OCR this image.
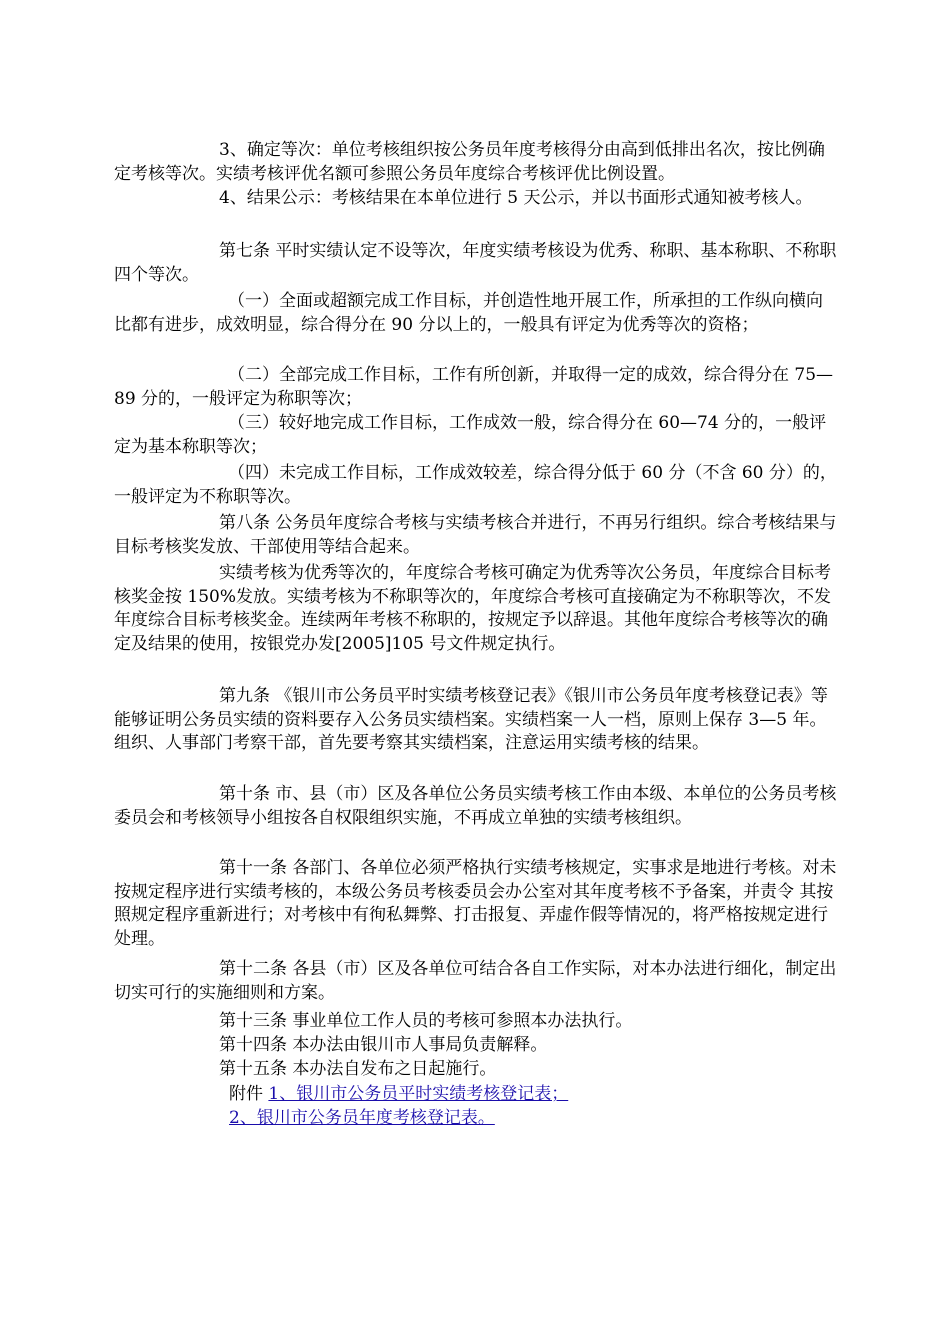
3、确定等次：单位考核组织按公务员年度考核得分由高到低排出名次，按比例确定考核等次。实绩考核评优名额可参照公务员年度综合考核评优比例设置。

4、结果公示：考核结果在本单位进行 5 天公示，并以书面形式通知被考核人。

第七条 平时实绩认定不设等次，年度实绩考核设为优秀、称职、基本称职、不称职四个等次。

（一）全面或超额完成工作目标，并创造性地开展工作，所承担的工作纵向横向比都有进步，成效明显，综合得分在 90 分以上的，一般具有评定为优秀等次的资格；

（二）全部完成工作目标，工作有所创新，并取得一定的成效，综合得分在 75—89 分的，一般评定为称职等次；

（三）较好地完成工作目标，工作成效一般，综合得分在 60—74 分的，一般评定为基本称职等次；

（四）未完成工作目标，工作成效较差，综合得分低于 60 分（不含 60 分）的，一般评定为不称职等次。

第八条 公务员年度综合考核与实绩考核合并进行，不再另行组织。综合考核结果与目标考核奖发放、干部使用等结合起来。

实绩考核为优秀等次的，年度综合考核可确定为优秀等次公务员，年度综合目标考核奖金按 150%发放。实绩考核为不称职等次的，年度综合考核可直接确定为不称职等次，不发年度综合目标考核奖金。连续两年考核不称职的，按规定予以辞退。其他年度综合考核等次的确定及结果的使用，按银党办发[2005]105 号文件规定执行。

第九条 《银川市公务员平时实绩考核登记表》《银川市公务员年度考核登记表》等能够证明公务员实绩的资料要存入公务员实绩档案。实绩档案一人一档，原则上保存 3—5 年。组织、人事部门考察干部，首先要考察其实绩档案，注意运用实绩考核的结果。

第十条 市、县（市）区及各单位公务员实绩考核工作由本级、本单位的公务员考核委员会和考核领导小组按各自权限组织实施，不再成立单独的实绩考核组织。

第十一条 各部门、各单位必须严格执行实绩考核规定，实事求是地进行考核。对未按规定程序进行实绩考核的，本级公务员考核委员会办公室对其年度考核不予备案，并责令 其按照规定程序重新进行；对考核中有徇私舞弊、打击报复、弄虚作假等情况的，将严格按规定进行处理。

第十二条 各县（市）区及各单位可结合各自工作实际，对本办法进行细化，制定出切实可行的实施细则和方案。

第十三条 事业单位工作人员的考核可参照本办法执行。

第十四条 本办法由银川市人事局负责解释。

第十五条 本办法自发布之日起施行。

附件 1、银川市公务员平时实绩考核登记表；
2、银川市公务员年度考核登记表。
